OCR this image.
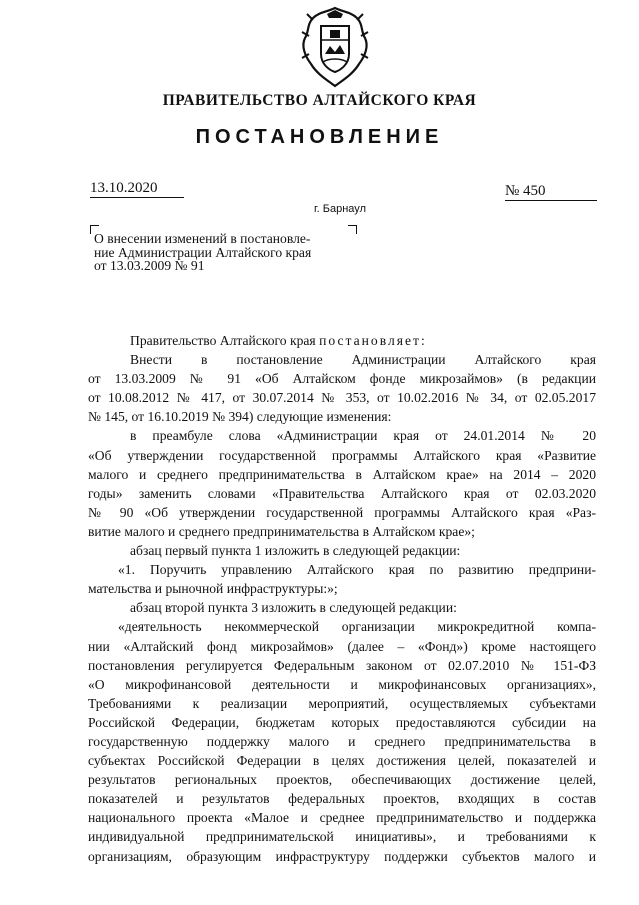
ПРАВИТЕЛЬСТВО АЛТАЙСКОГО КРАЯ
ПОСТАНОВЛЕНИЕ
13.10.2020
г. Барнаул
№ 450
О внесении изменений в постановле-
ние Администрации Алтайского края
от 13.03.2009 № 91
Правительство Алтайского края постановляет:
Внести в постановление Администрации Алтайского края
от 13.03.2009 № 91 «Об Алтайском фонде микрозаймов» (в редакции
от 10.08.2012 № 417, от 30.07.2014 № 353, от 10.02.2016 № 34, от 02.05.2017
№ 145, от 16.10.2019 № 394) следующие изменения:
в преамбуле слова «Администрации края от 24.01.2014 № 20
«Об утверждении государственной программы Алтайского края «Развитие
малого и среднего предпринимательства в Алтайском крае» на 2014 – 2020
годы» заменить словами «Правительства Алтайского края от 02.03.2020
№ 90 «Об утверждении государственной программы Алтайского края «Раз-
витие малого и среднего предпринимательства в Алтайском крае»;
абзац первый пункта 1 изложить в следующей редакции:
«1. Поручить управлению Алтайского края по развитию предприни-
мательства и рыночной инфраструктуры:»;
абзац второй пункта 3 изложить в следующей редакции:
«деятельность некоммерческой организации микрокредитной компа-
нии «Алтайский фонд микрозаймов» (далее – «Фонд») кроме настоящего
постановления регулируется Федеральным законом от 02.07.2010 № 151-ФЗ
«О микрофинансовой деятельности и микрофинансовых организациях»,
Требованиями к реализации мероприятий, осуществляемых субъектами
Российской Федерации, бюджетам которых предоставляются субсидии на
государственную поддержку малого и среднего предпринимательства в
субъектах Российской Федерации в целях достижения целей, показателей и
результатов региональных проектов, обеспечивающих достижение целей,
показателей и результатов федеральных проектов, входящих в состав
национального проекта «Малое и среднее предпринимательство и поддержка
индивидуальной предпринимательской инициативы», и требованиями к
организациям, образующим инфраструктуру поддержки субъектов малого и
